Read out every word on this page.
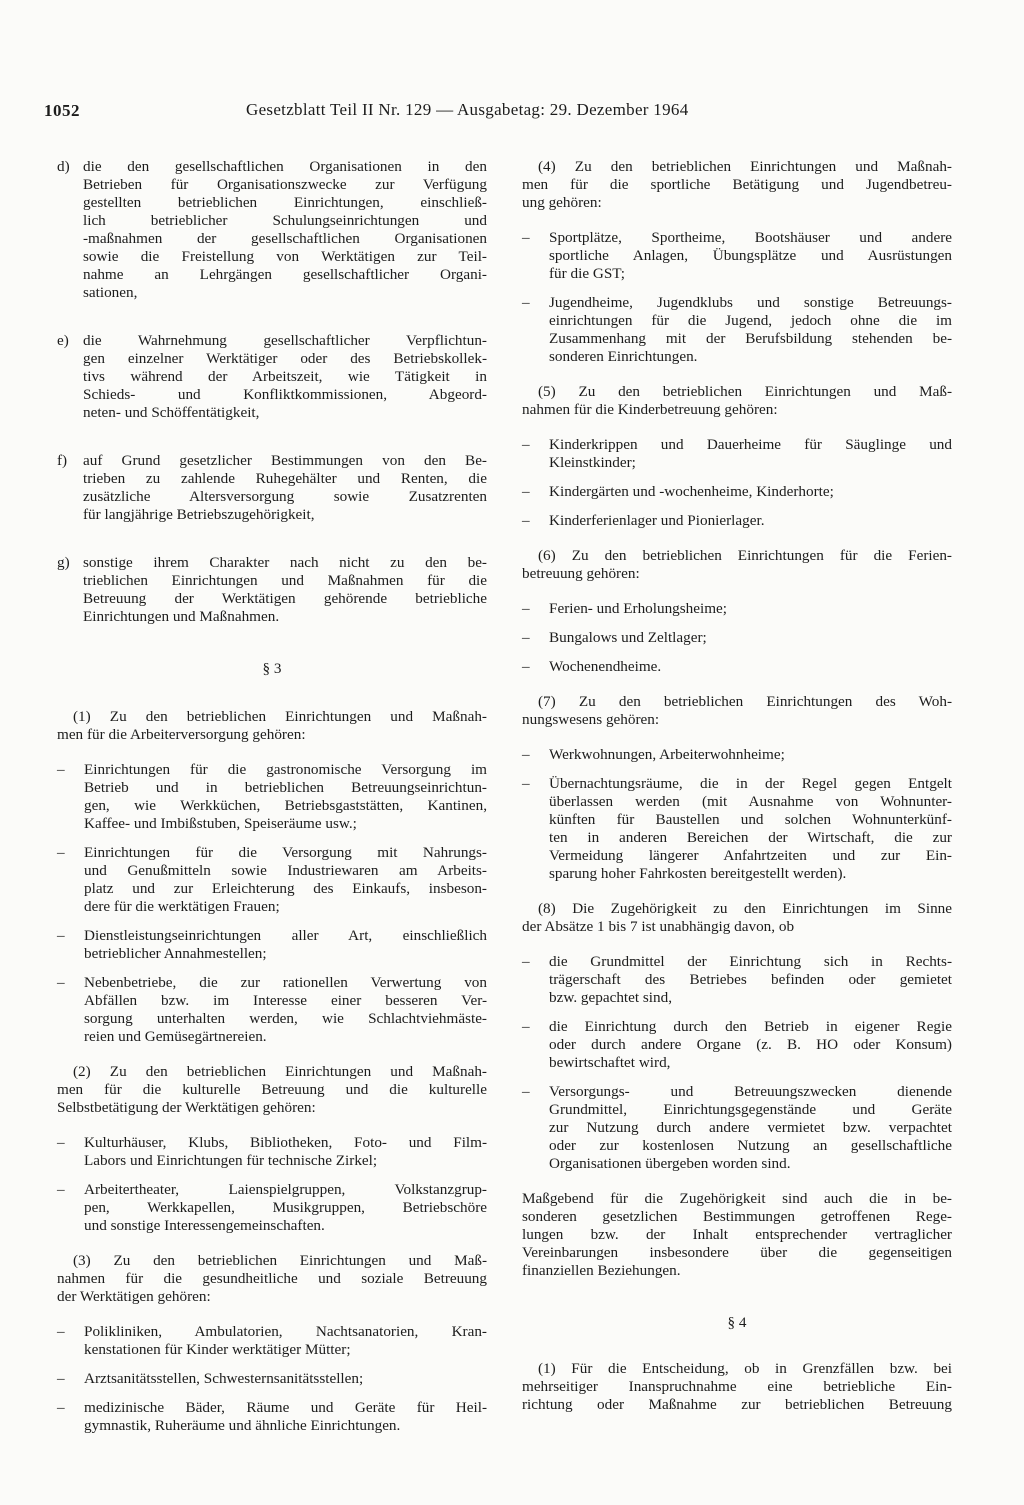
1052	Gesetzblatt Teil II Nr. 129 — Ausgabetag: 29. Dezember 1964
d) die den gesellschaftlichen Organisationen in den
Betrieben für Organisationszwecke zur Verfügung
gestellten betrieblichen Einrichtungen, einschließ-
lich betrieblicher Schulungseinrichtungen und
-maßnahmen der gesellschaftlichen Organisationen
sowie die Freistellung von Werktätigen zur Teil-
nahme an Lehrgängen gesellschaftlicher Organi-
sationen,
e) die Wahrnehmung gesellschaftlicher Verpflichtun-
gen einzelner Werktätiger oder des Betriebskollek-
tivs während der Arbeitszeit, wie Tätigkeit in
Schieds- und Konfliktkommissionen, Abgeord-
neten- und Schöffentätigkeit,
f) auf Grund gesetzlicher Bestimmungen von den Be-
trieben zu zahlende Ruhegehälter und Renten, die
zusätzliche Altersversorgung sowie Zusatzrenten
für langjährige Betriebszugehörigkeit,
g) sonstige ihrem Charakter nach nicht zu den be-
trieblichen Einrichtungen und Maßnahmen für die
Betreuung der Werktätigen gehörende betriebliche
Einrichtungen und Maßnahmen.
§ 3
(1) Zu den betrieblichen Einrichtungen und Maßnah-
men für die Arbeiterversorgung gehören:
– Einrichtungen für die gastronomische Versorgung im
Betrieb und in betrieblichen Betreuungseinrichtun-
gen, wie Werkküchen, Betriebsgaststätten, Kantinen,
Kaffee- und Imbißstuben, Speiseräume usw.;
– Einrichtungen für die Versorgung mit Nahrungs-
und Genußmitteln sowie Industriewaren am Arbeits-
platz und zur Erleichterung des Einkaufs, insbeson-
dere für die werktätigen Frauen;
– Dienstleistungseinrichtungen aller Art, einschließlich
betrieblicher Annahmestellen;
– Nebenbetriebe, die zur rationellen Verwertung von
Abfällen bzw. im Interesse einer besseren Ver-
sorgung unterhalten werden, wie Schlachtviehmäste-
reien und Gemüsegärtnereien.
(2) Zu den betrieblichen Einrichtungen und Maßnah-
men für die kulturelle Betreuung und die kulturelle
Selbstbetätigung der Werktätigen gehören:
– Kulturhäuser, Klubs, Bibliotheken, Foto- und Film-
Labors und Einrichtungen für technische Zirkel;
– Arbeitertheater, Laienspielgruppen, Volkstanzgrup-
pen, Werkkapellen, Musikgruppen, Betriebschöre
und sonstige Interessengemeinschaften.
(3) Zu den betrieblichen Einrichtungen und Maß-
nahmen für die gesundheitliche und soziale Betreuung
der Werktätigen gehören:
– Polikliniken, Ambulatorien, Nachtsanatorien, Kran-
kenstationen für Kinder werktätiger Mütter;
– Arztsanitätsstellen, Schwesternsanitätsstellen;
– medizinische Bäder, Räume und Geräte für Heil-
gymnastik, Ruheräume und ähnliche Einrichtungen.
(4) Zu den betrieblichen Einrichtungen und Maßnah-
men für die sportliche Betätigung und Jugendbetreu-
ung gehören:
– Sportplätze, Sportheime, Bootshäuser und andere
sportliche Anlagen, Übungsplätze und Ausrüstungen
für die GST;
– Jugendheime, Jugendklubs und sonstige Betreuungs-
einrichtungen für die Jugend, jedoch ohne die im
Zusammenhang mit der Berufsbildung stehenden be-
sonderen Einrichtungen.
(5) Zu den betrieblichen Einrichtungen und Maß-
nahmen für die Kinderbetreuung gehören:
– Kinderkrippen und Dauerheime für Säuglinge und
Kleinstkinder;
– Kindergärten und -wochenheime, Kinderhorte;
– Kinderferienlager und Pionierlager.
(6) Zu den betrieblichen Einrichtungen für die Ferien-
betreuung gehören:
– Ferien- und Erholungsheime;
– Bungalows und Zeltlager;
– Wochenendheime.
(7) Zu den betrieblichen Einrichtungen des Woh-
nungswesens gehören:
– Werkwohnungen, Arbeiterwohnheime;
– Übernachtungsräume, die in der Regel gegen Entgelt
überlassen werden (mit Ausnahme von Wohnunter-
künften für Baustellen und solchen Wohnunterkünf-
ten in anderen Bereichen der Wirtschaft, die zur
Vermeidung längerer Anfahrtzeiten und zur Ein-
sparung hoher Fahrkosten bereitgestellt werden).
(8) Die Zugehörigkeit zu den Einrichtungen im Sinne
der Absätze 1 bis 7 ist unabhängig davon, ob
– die Grundmittel der Einrichtung sich in Rechts-
trägerschaft des Betriebes befinden oder gemietet
bzw. gepachtet sind,
– die Einrichtung durch den Betrieb in eigener Regie
oder durch andere Organe (z. B. HO oder Konsum)
bewirtschaftet wird,
– Versorgungs- und Betreuungszwecken dienende
Grundmittel, Einrichtungsgegenstände und Geräte
zur Nutzung durch andere vermietet bzw. verpachtet
oder zur kostenlosen Nutzung an gesellschaftliche
Organisationen übergeben worden sind.
Maßgebend für die Zugehörigkeit sind auch die in be-
sonderen gesetzlichen Bestimmungen getroffenen Rege-
lungen bzw. der Inhalt entsprechender vertraglicher
Vereinbarungen insbesondere über die gegenseitigen
finanziellen Beziehungen.
§ 4
(1) Für die Entscheidung, ob in Grenzfällen bzw. bei
mehrseitiger Inanspruchnahme eine betriebliche Ein-
richtung oder Maßnahme zur betrieblichen Betreuung
